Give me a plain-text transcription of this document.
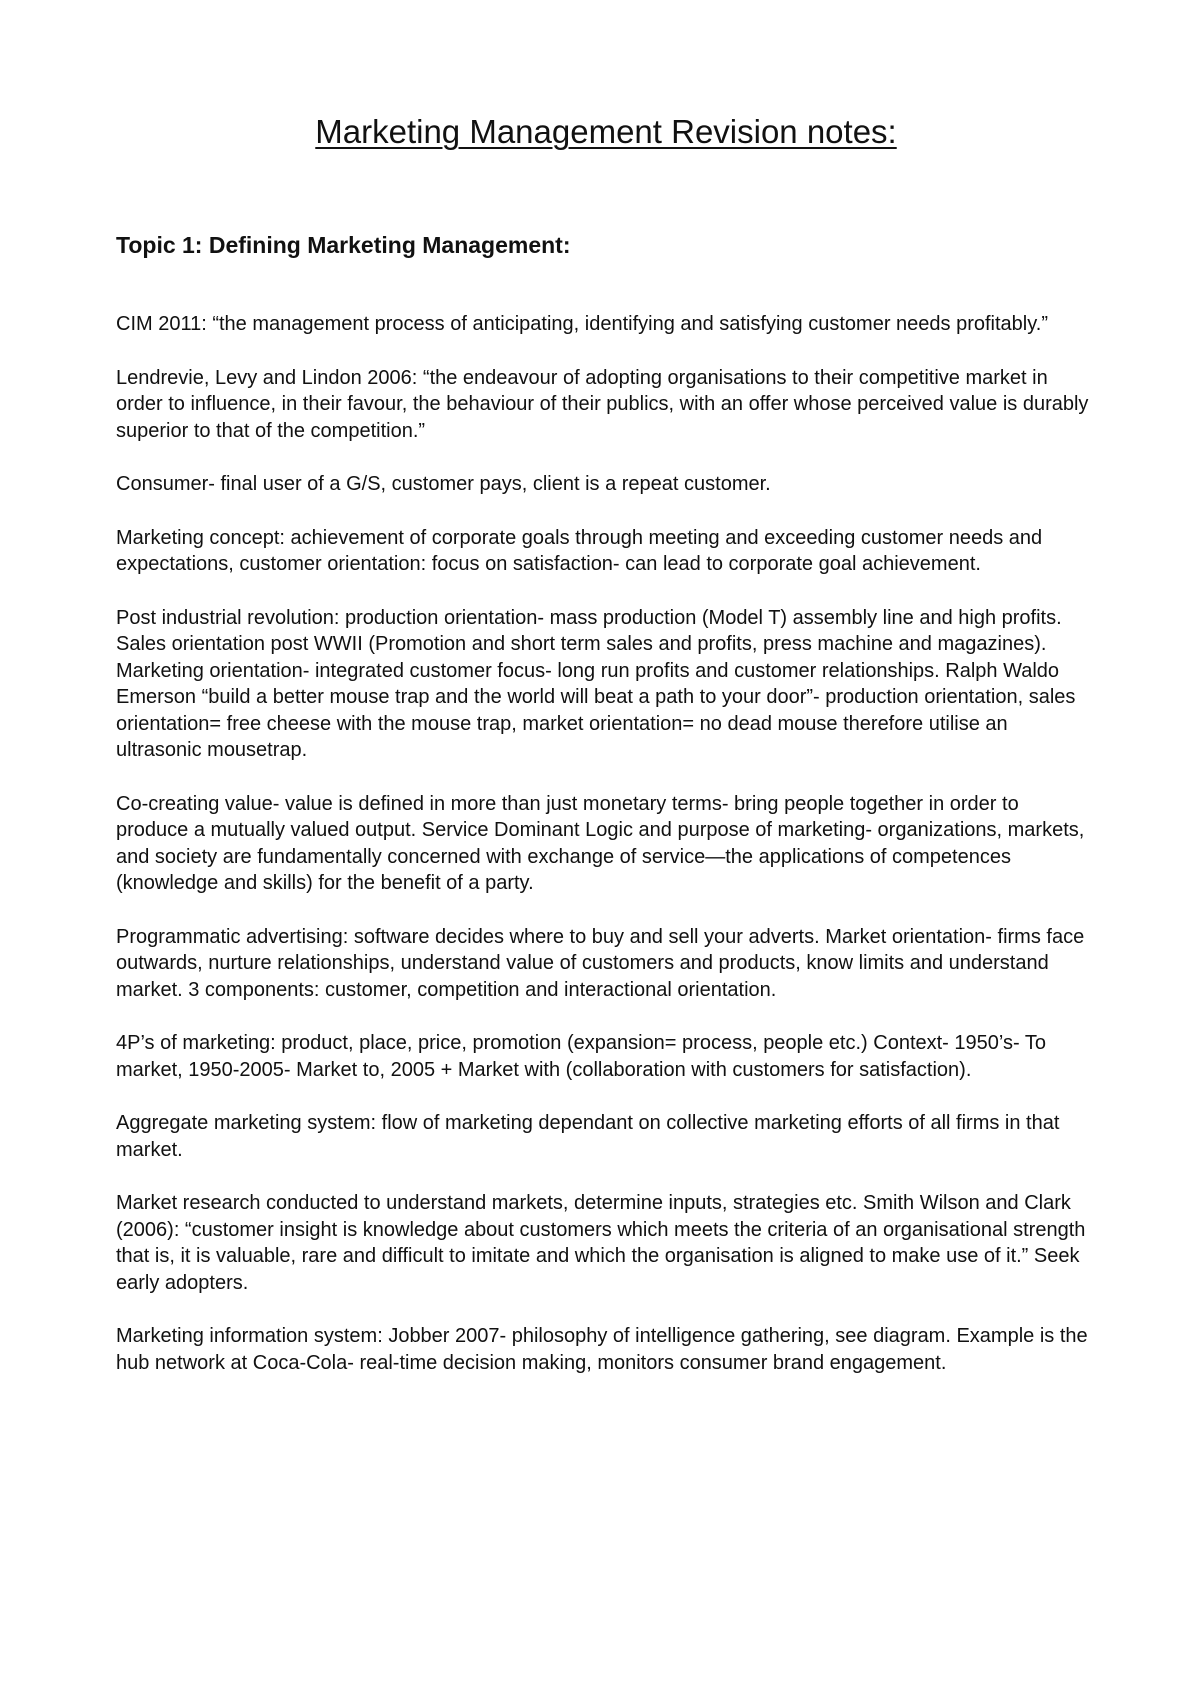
Marketing Management Revision notes:
Topic 1: Defining Marketing Management:

CIM 2011: “the management process of anticipating, identifying and satisfying customer needs profitably.”

Lendrevie, Levy and Lindon 2006: “the endeavour of adopting organisations to their competitive market in order to influence, in their favour, the behaviour of their publics, with an offer whose perceived value is durably superior to that of the competition.”

Consumer- final user of a G/S, customer pays, client is a repeat customer.

Marketing concept: achievement of corporate goals through meeting and exceeding customer needs and expectations, customer orientation: focus on satisfaction- can lead to corporate goal achievement.

Post industrial revolution: production orientation- mass production (Model T) assembly line and high profits. Sales orientation post WWII (Promotion and short term sales and profits, press machine and magazines). Marketing orientation- integrated customer focus- long run profits and customer relationships. Ralph Waldo Emerson “build a better mouse trap and the world will beat a path to your door”- production orientation, sales orientation= free cheese with the mouse trap, market orientation= no dead mouse therefore utilise an ultrasonic mousetrap.

Co-creating value- value is defined in more than just monetary terms- bring people together in order to produce a mutually valued output. Service Dominant Logic and purpose of marketing- organizations, markets, and society are fundamentally concerned with exchange of service—the applications of competences (knowledge and skills) for the benefit of a party.

Programmatic advertising: software decides where to buy and sell your adverts. Market orientation- firms face outwards, nurture relationships, understand value of customers and products, know limits and understand market. 3 components: customer, competition and interactional orientation.

4P’s of marketing: product, place, price, promotion (expansion= process, people etc.) Context- 1950’s- To market, 1950-2005- Market to, 2005 + Market with (collaboration with customers for satisfaction).

Aggregate marketing system: flow of marketing dependant on collective marketing efforts of all firms in that market.

Market research conducted to understand markets, determine inputs, strategies etc. Smith Wilson and Clark (2006): “customer insight is knowledge about customers which meets the criteria of an organisational strength that is, it is valuable, rare and difficult to imitate and which the organisation is aligned to make use of it.” Seek early adopters.

Marketing information system: Jobber 2007- philosophy of intelligence gathering, see diagram. Example is the hub network at Coca-Cola- real-time decision making, monitors consumer brand engagement.
